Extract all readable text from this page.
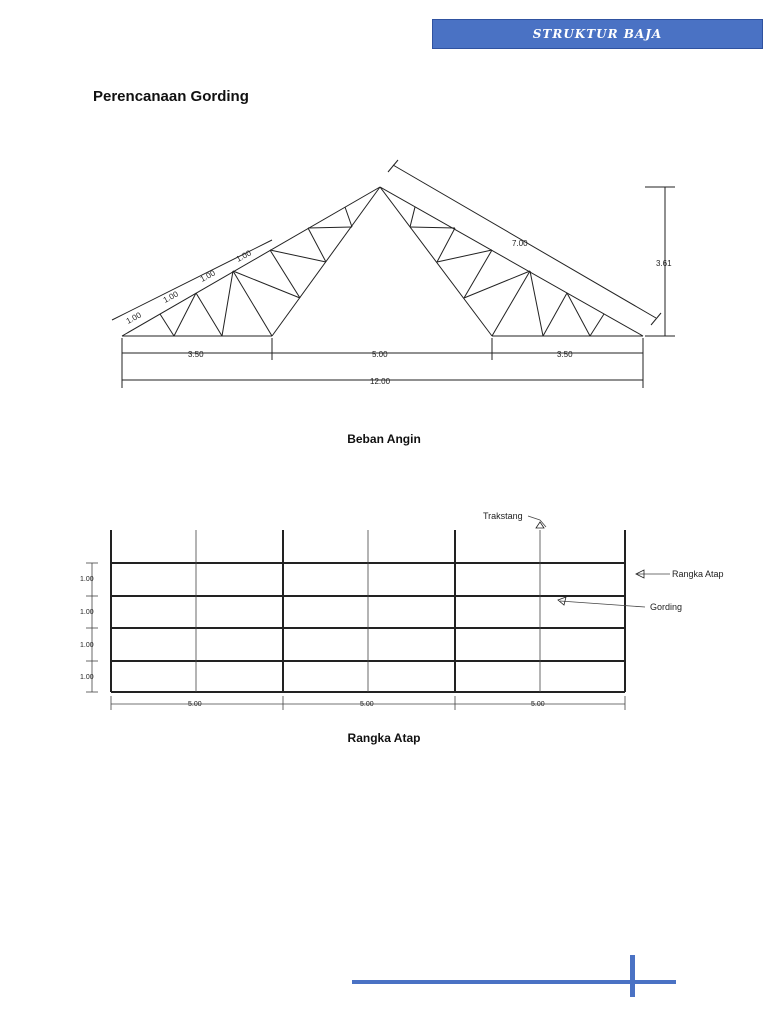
STRUKTUR BAJA
Perencanaan Gording
1.00
1.00
1.00
1.00
7.00
3.61
3.50	5.00	3.50
12.00
Beban Angin
1.00
1.00
1.00
1.00
5.00	5.00	5.00
Trakstang
Rangka Atap
Gording
Rangka Atap
